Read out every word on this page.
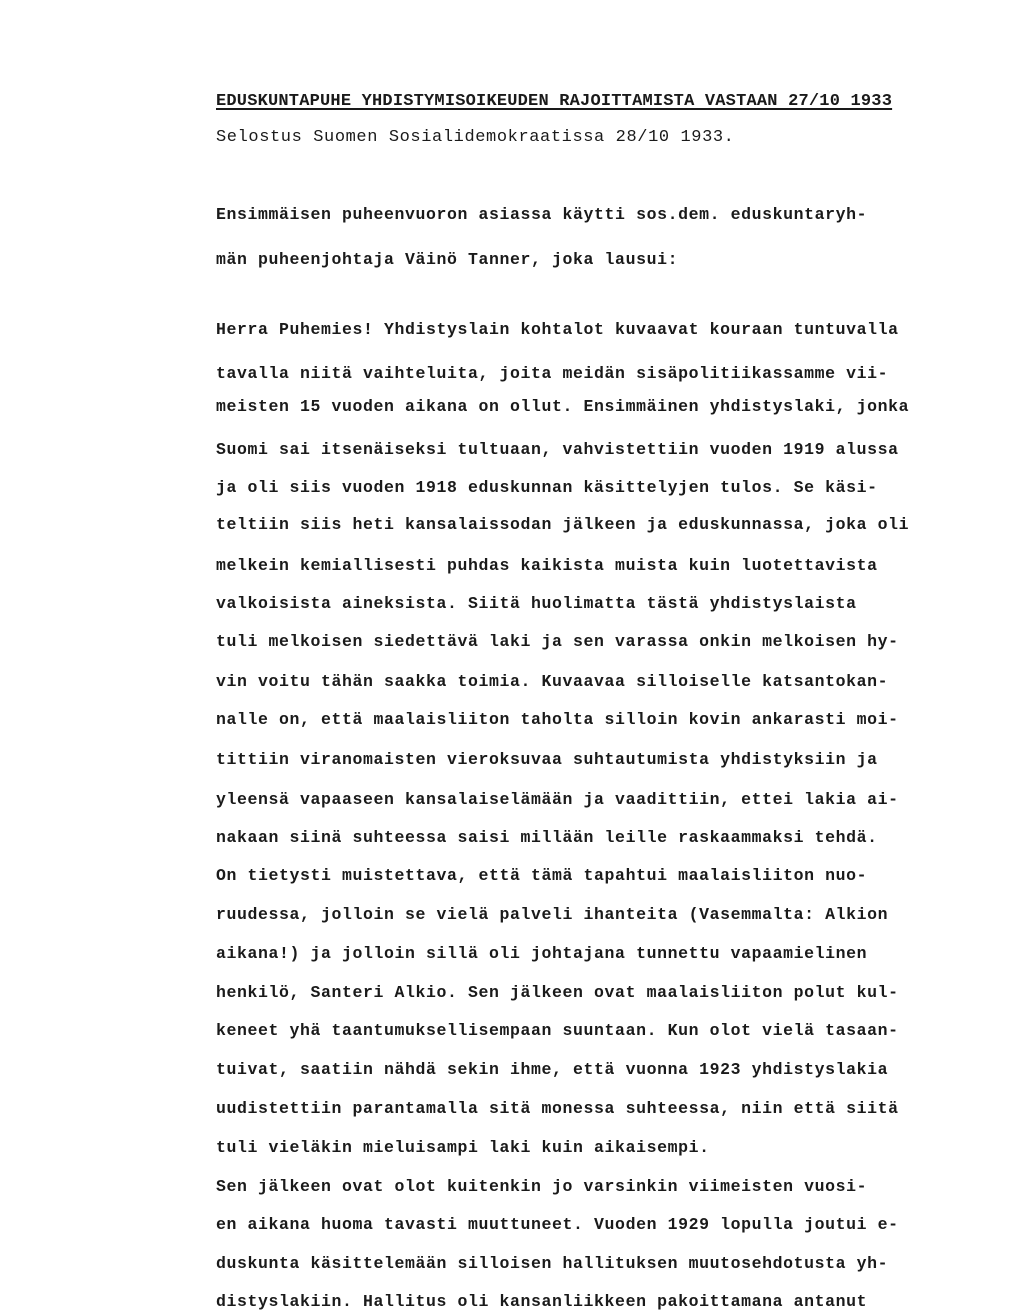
EDUSKUNTAPUHE YHDISTYMISOIKEUDEN RAJOITTAMISTA VASTAAN 27/10 1933
Selostus Suomen Sosialidemokraatissa 28/10 1933.
Ensimmäisen puheenvuoron asiassa käytti sos.dem. eduskuntaryh-
män puheenjohtaja Väinö Tanner, joka lausui:
Herra Puhemies! Yhdistyslain kohtalot kuvaavat kouraan tuntuvalla
tavalla niitä vaihteluita, joita meidän sisäpolitiikassamme vii-
meisten 15 vuoden aikana on ollut. Ensimmäinen yhdistyslaki, jonka
Suomi sai itsenäiseksi tultuaan, vahvistettiin vuoden 1919 alussa
ja oli siis vuoden 1918 eduskunnan käsittelyjen tulos. Se käsi-
teltiin siis heti kansalaissodan jälkeen ja eduskunnassa, joka oli
melkein kemiallisesti puhdas kaikista muista kuin luotettavista
valkoisista aineksista. Siitä huolimatta tästä yhdistyslaista
tuli melkoisen siedettävä laki ja sen varassa onkin melkoisen hy-
vin voitu tähän saakka toimia. Kuvaavaa silloiselle katsantokan-
nalle on, että maalaisliiton taholta silloin kovin ankarasti moi-
tittiin viranomaisten vieroksuvaa suhtautumista yhdistyksiin ja
yleensä vapaaseen kansalaiselämään ja vaadittiin, ettei lakia ai-
nakaan siinä suhteessa saisi millään leille raskaammaksi tehdä.
On tietysti muistettava, että tämä tapahtui maalaisliiton nuo-
ruudessa, jolloin se vielä palveli ihanteita (Vasemmalta: Alkion
aikana!) ja jolloin sillä oli johtajana tunnettu vapaamielinen
henkilö, Santeri Alkio. Sen jälkeen ovat maalaisliiton polut kul-
keneet yhä taantumuksellisempaan suuntaan. Kun olot vielä tasaan-
tuivat, saatiin nähdä sekin ihme, että vuonna 1923 yhdistyslakia
uudistettiin parantamalla sitä monessa suhteessa, niin että siitä
tuli vieläkin mieluisampi laki kuin aikaisempi.
Sen jälkeen ovat olot kuitenkin jo varsinkin viimeisten vuosi-
en aikana huoma tavasti muuttuneet. Vuoden 1929 lopulla joutui e-
duskunta käsittelemään silloisen hallituksen muutosehdotusta yh-
distyslakiin. Hallitus oli kansanliikkeen pakoittamana antanut
